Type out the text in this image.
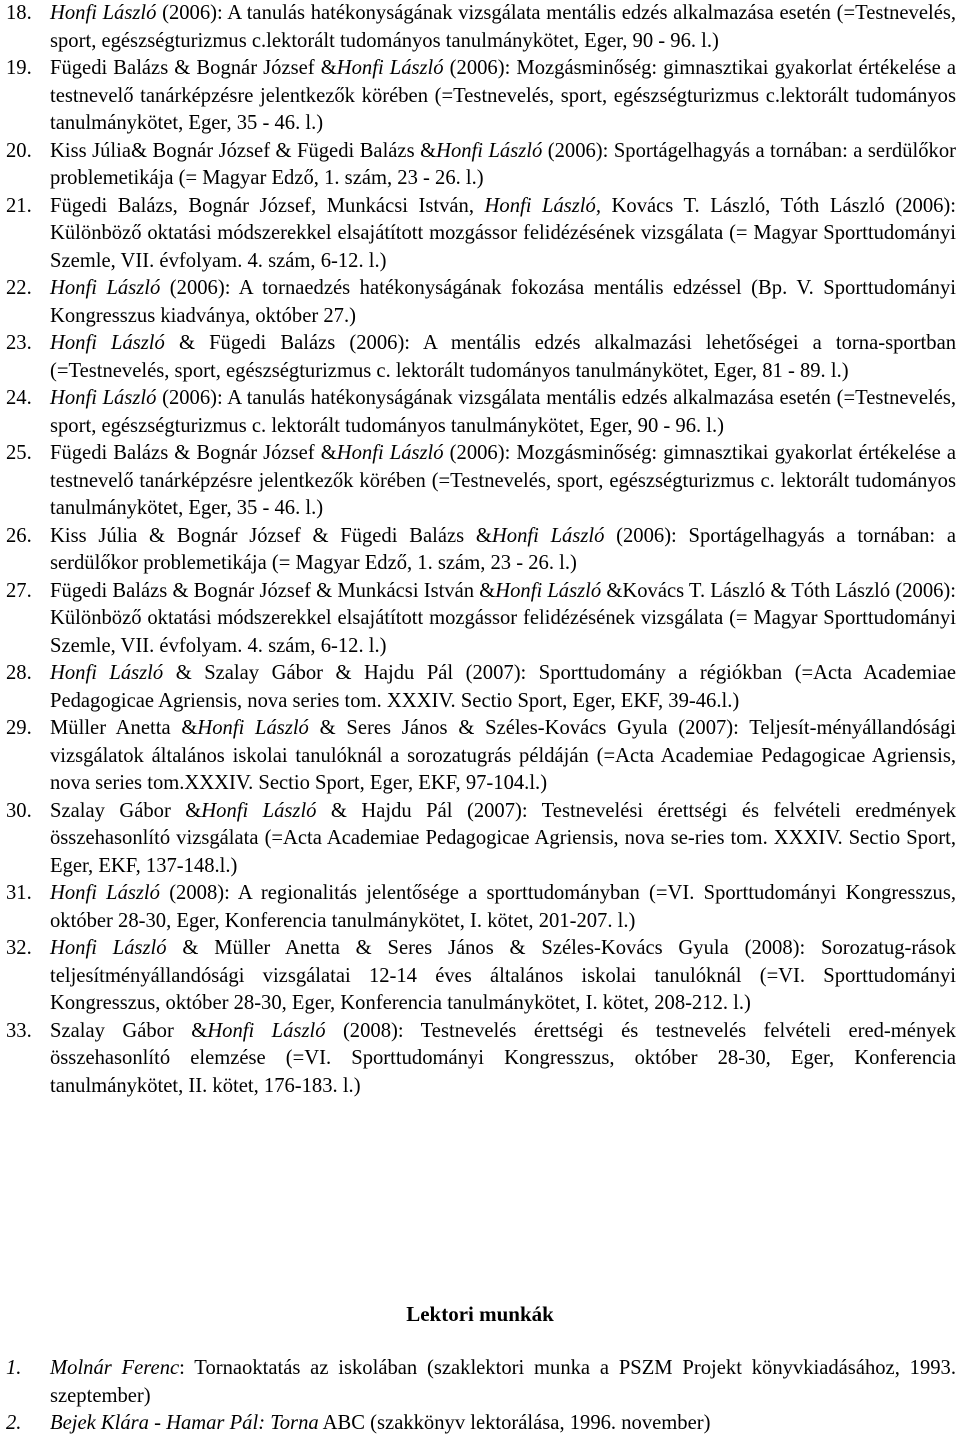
18. Honfi László (2006): A tanulás hatékonyságának vizsgálata mentális edzés alkalmazása esetén (=Testnevelés, sport, egészségturizmus c.lektorált tudományos tanulmánykötet, Eger, 90 - 96. l.)
19. Fügedi Balázs & Bognár József &Honfi László (2006): Mozgásminőség: gimnasztikai gyakorlat értékelése a testnevelő tanárképzésre jelentkezők körében (=Testnevelés, sport, egészségturizmus c.lektorált tudományos tanulmánykötet, Eger, 35 - 46. l.)
20. Kiss Júlia& Bognár József & Fügedi Balázs &Honfi László (2006): Sportágelhagyás a tornában: a serdülőkor problemetikája (= Magyar Edző, 1. szám, 23 - 26. l.)
21. Fügedi Balázs, Bognár József, Munkácsi István, Honfi László, Kovács T. László, Tóth László (2006): Különböző oktatási módszerekkel elsajátított mozgássor felidézésének vizsgálata (= Magyar Sporttudományi Szemle, VII. évfolyam. 4. szám, 6-12. l.)
22. Honfi László (2006): A tornaedzés hatékonyságának fokozása mentális edzéssel (Bp. V. Sporttudományi Kongresszus kiadványa, október 27.)
23. Honfi László & Fügedi Balázs (2006): A mentális edzés alkalmazási lehetőségei a torna-sportban (=Testnevelés, sport, egészségturizmus c. lektorált tudományos tanulmánykötet, Eger, 81 - 89. l.)
24. Honfi László (2006): A tanulás hatékonyságának vizsgálata mentális edzés alkalmazása esetén (=Testnevelés, sport, egészségturizmus c. lektorált tudományos tanulmánykötet, Eger, 90 - 96. l.)
25. Fügedi Balázs & Bognár József &Honfi László (2006): Mozgásminőség: gimnasztikai gyakorlat értékelése a testnevelő tanárképzésre jelentkezők körében (=Testnevelés, sport, egészségturizmus c. lektorált tudományos tanulmánykötet, Eger, 35 - 46. l.)
26. Kiss Júlia & Bognár József & Fügedi Balázs &Honfi László (2006): Sportágelhagyás a tornában: a serdülőkor problemetikája (= Magyar Edző, 1. szám, 23 - 26. l.)
27. Fügedi Balázs & Bognár József & Munkácsi István &Honfi László &Kovács T. László & Tóth László (2006): Különböző oktatási módszerekkel elsajátított mozgássor felidézésének vizsgálata (= Magyar Sporttudományi Szemle, VII. évfolyam. 4. szám, 6-12. l.)
28. Honfi László & Szalay Gábor & Hajdu Pál (2007): Sporttudomány a régiókban (=Acta Academiae Pedagogicae Agriensis, nova series tom. XXXIV. Sectio Sport, Eger, EKF, 39-46.l.)
29. Müller Anetta &Honfi László & Seres János & Széles-Kovács Gyula (2007): Teljesít-ményállandósági vizsgálatok általános iskolai tanulóknál a sorozatugrás példáján (=Acta Academiae Pedagogicae Agriensis, nova series tom.XXXIV. Sectio Sport, Eger, EKF, 97-104.l.)
30. Szalay Gábor &Honfi László & Hajdu Pál (2007): Testnevelési érettségi és felvételi eredmények összehasonlító vizsgálata (=Acta Academiae Pedagogicae Agriensis, nova se-ries tom. XXXIV. Sectio Sport, Eger, EKF, 137-148.l.)
31. Honfi László (2008): A regionalitás jelentősége a sporttudományban (=VI. Sporttudományi Kongresszus, október 28-30, Eger, Konferencia tanulmánykötet, I. kötet, 201-207. l.)
32. Honfi László & Müller Anetta & Seres János & Széles-Kovács Gyula (2008): Sorozatug-rások teljesítményállandósági vizsgálatai 12-14 éves általános iskolai tanulóknál (=VI. Sporttudományi Kongresszus, október 28-30, Eger, Konferencia tanulmánykötet, I. kötet, 208-212. l.)
33. Szalay Gábor &Honfi László (2008): Testnevelés érettségi és testnevelés felvételi ered-mények összehasonlító elemzése (=VI. Sporttudományi Kongresszus, október 28-30, Eger, Konferencia tanulmánykötet, II. kötet, 176-183. l.)
Lektori munkák
1. Molnár Ferenc: Tornaoktatás az iskolában (szaklektori munka a PSZM Projekt könyvkiadásához, 1993. szeptember)
2. Bejek Klára - Hamar Pál: Torna ABC (szakkönyv lektorálása, 1996. november)
